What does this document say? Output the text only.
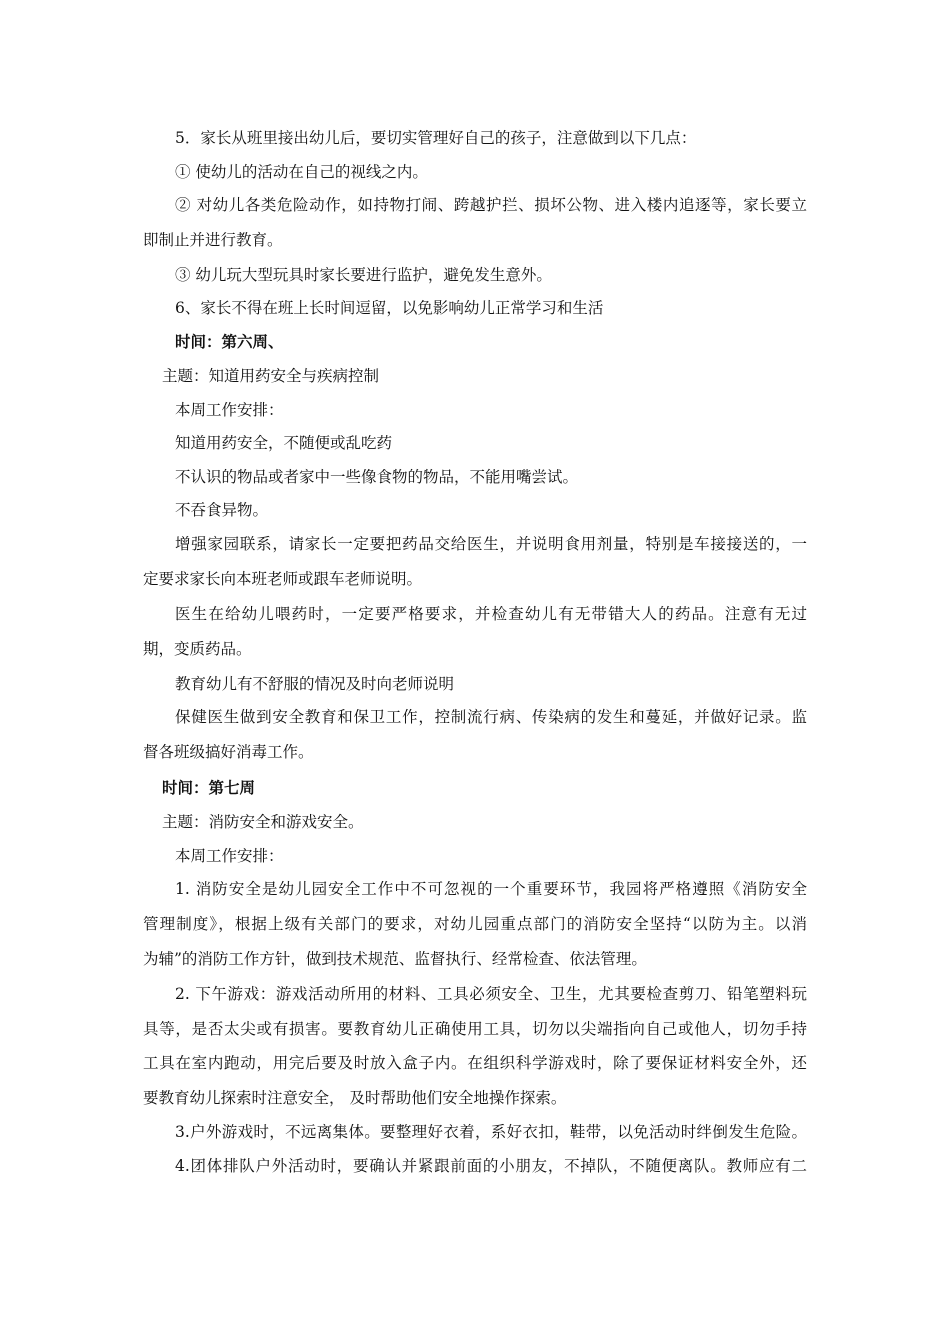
5．家长从班里接出幼儿后，要切实管理好自己的孩子，注意做到以下几点：
① 使幼儿的活动在自己的视线之内。
② 对幼儿各类危险动作，如持物打闹、跨越护拦、损坏公物、进入楼内追逐等，家长要立
即制止并进行教育。
③ 幼儿玩大型玩具时家长要进行监护，避免发生意外。
6、家长不得在班上长时间逗留，以免影响幼儿正常学习和生活
时间：第六周、
主题：知道用药安全与疾病控制
本周工作安排：
知道用药安全，不随便或乱吃药
不认识的物品或者家中一些像食物的物品，不能用嘴尝试。
不吞食异物。
增强家园联系，请家长一定要把药品交给医生，并说明食用剂量，特别是车接接送的，一
定要求家长向本班老师或跟车老师说明。
医生在给幼儿喂药时，一定要严格要求，并检查幼儿有无带错大人的药品。注意有无过
期，变质药品。
教育幼儿有不舒服的情况及时向老师说明
保健医生做到安全教育和保卫工作，控制流行病、传染病的发生和蔓延，并做好记录。监
督各班级搞好消毒工作。
时间：第七周
主题：消防安全和游戏安全。
本周工作安排：
1. 消防安全是幼儿园安全工作中不可忽视的一个重要环节，我园将严格遵照《消防安全
管理制度》，根据上级有关部门的要求，对幼儿园重点部门的消防安全坚持“以防为主。以消
为辅”的消防工作方针，做到技术规范、监督执行、经常检查、依法管理。
2. 下午游戏：游戏活动所用的材料、工具必须安全、卫生，尤其要检查剪刀、铅笔塑料玩
具等，是否太尖或有损害。要教育幼儿正确使用工具，切勿以尖端指向自己或他人，切勿手持
工具在室内跑动，用完后要及时放入盒子内。在组织科学游戏时，除了要保证材料安全外，还
要教育幼儿探索时注意安全， 及时帮助他们安全地操作探索。
3.户外游戏时，不远离集体。要整理好衣着，系好衣扣，鞋带，以免活动时绊倒发生危险。
4.团体排队户外活动时，要确认并紧跟前面的小朋友，不掉队，不随便离队。教师应有二
